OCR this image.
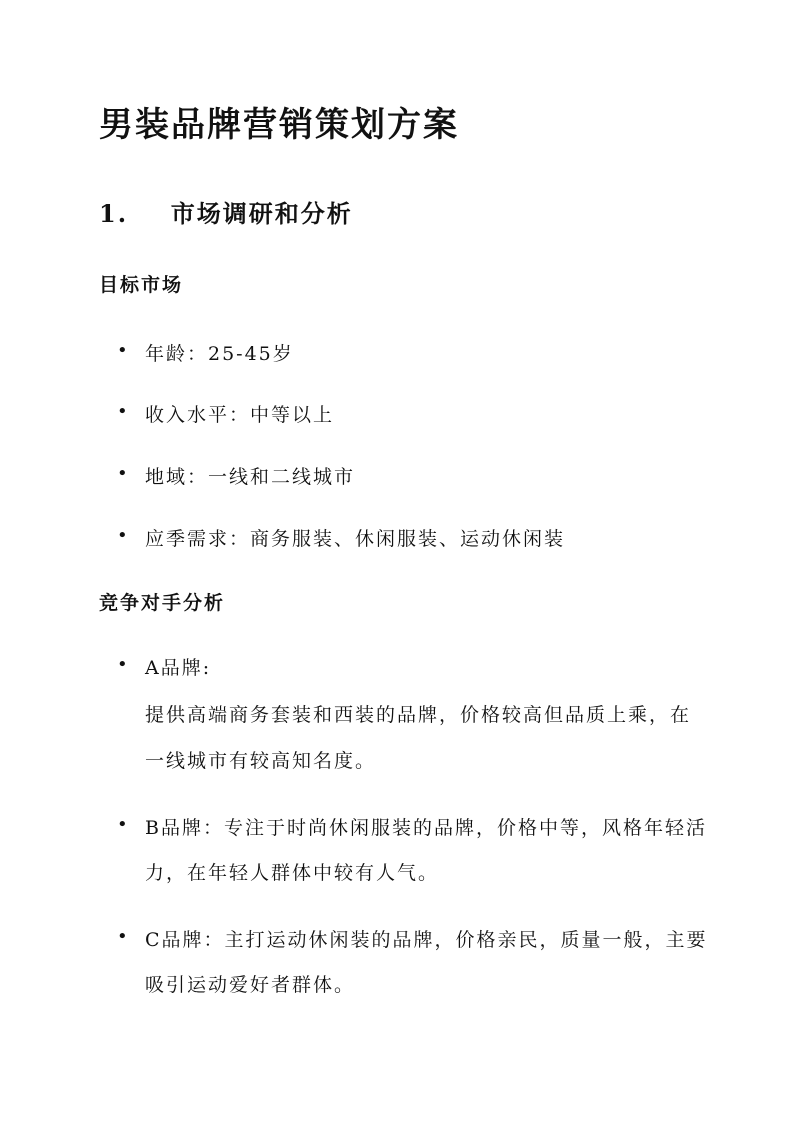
男装品牌营销策划方案
1. 市场调研和分析
目标市场
• 年龄：25-45岁
• 收入水平：中等以上
• 地域：一线和二线城市
• 应季需求：商务服装、休闲服装、运动休闲装
竞争对手分析
• A品牌:
提供高端商务套装和西装的品牌，价格较高但品质上乘，在
一线城市有较高知名度。
• B品牌：专注于时尚休闲服装的品牌，价格中等，风格年轻活
力，在年轻人群体中较有人气。
• C品牌：主打运动休闲装的品牌，价格亲民，质量一般，主要
吸引运动爱好者群体。
